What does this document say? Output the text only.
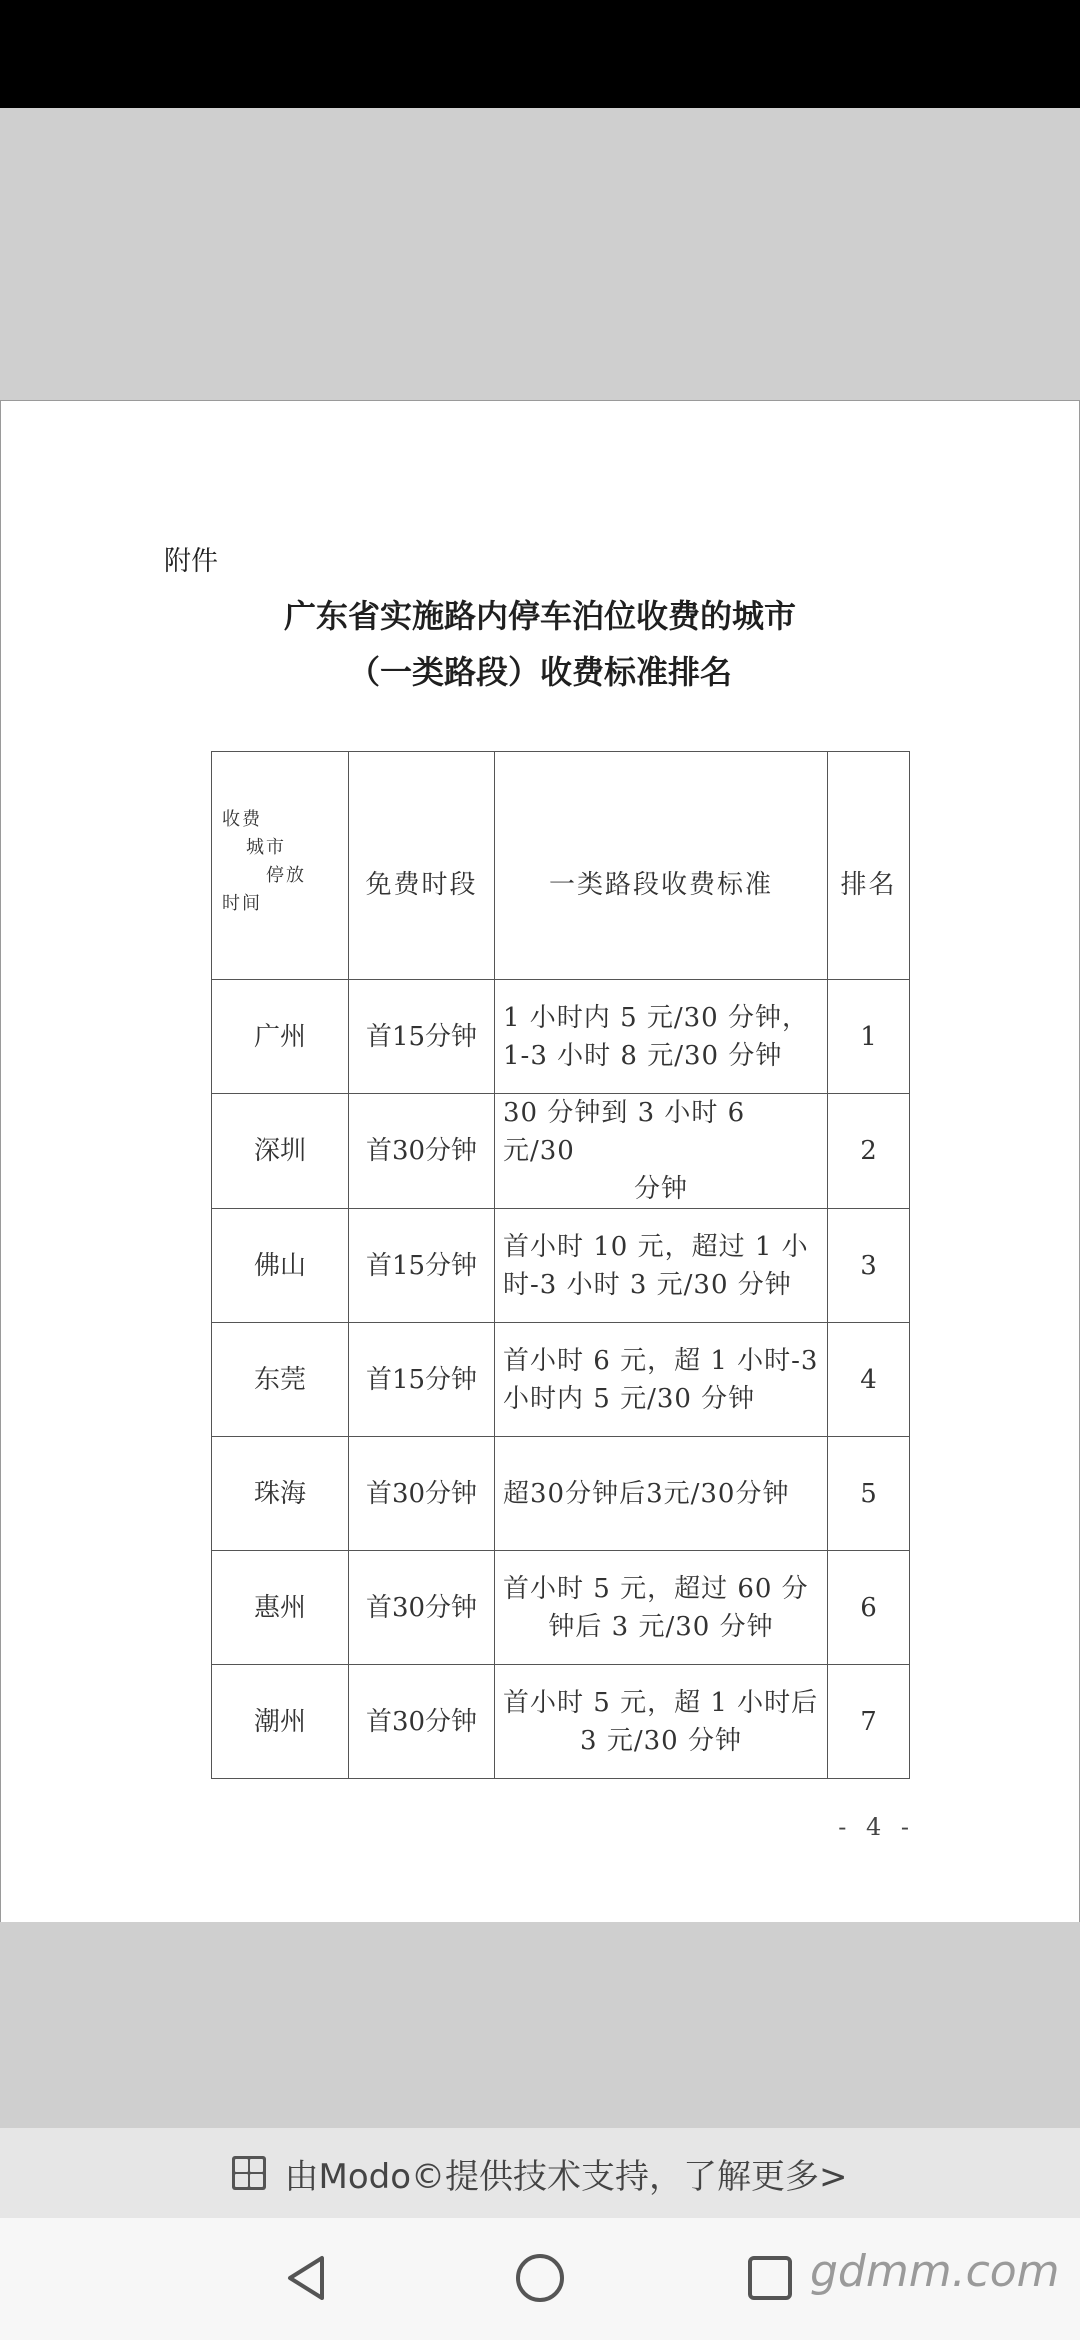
附件
广东省实施路内停车泊位收费的城市
（一类路段）收费标准排名
收费
城市
停放
时间	免费时段	一类路段收费标准	排名

广州	首15分钟	1 小时内 5 元/30 分钟，
1-3 小时 8 元/30 分钟	1
深圳	首30分钟	30 分钟到 3 小时 6 元/30
分钟	2
佛山	首15分钟	首小时 10 元，超过 1 小
时-3 小时 3 元/30 分钟	3
东莞	首15分钟	首小时 6 元，超 1 小时-3
小时内 5 元/30 分钟	4
珠海	首30分钟	超30分钟后3元/30分钟	5
惠州	首30分钟	首小时 5 元，超过 60 分
钟后 3 元/30 分钟	6
潮州	首30分钟	首小时 5 元，超 1 小时后
3 元/30 分钟	7
- 4 -
由Modo©提供技术支持，了解更多>
gdmm.com
